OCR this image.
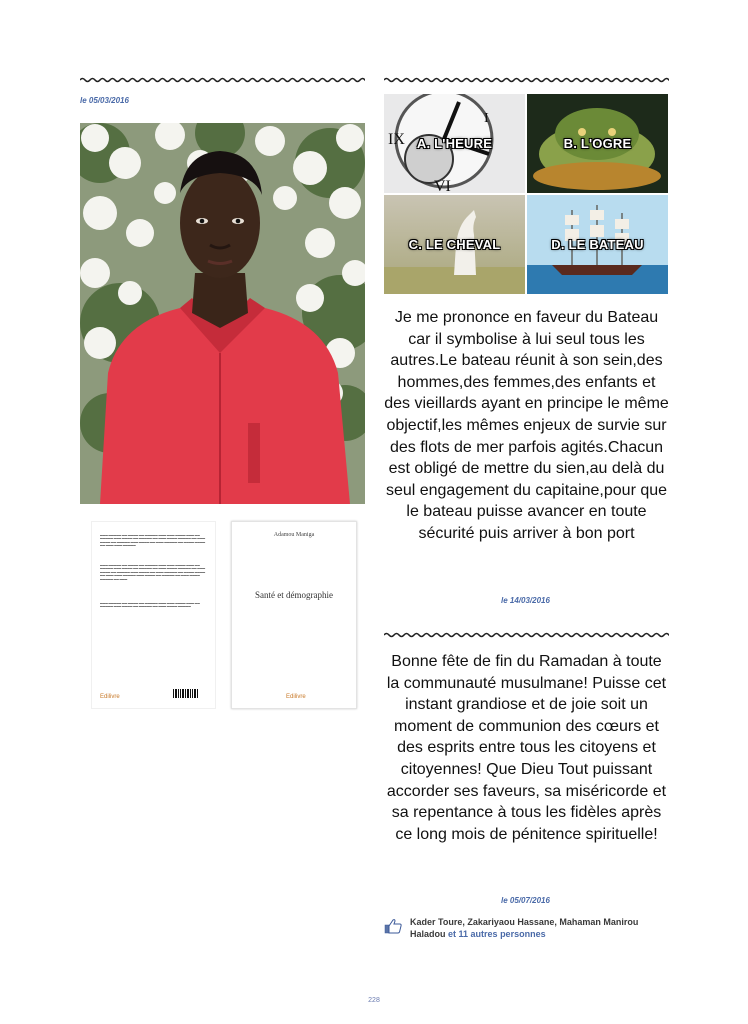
le 05/03/2016
▬▬▬ ▬▬▬▬▬ ▬▬ ▬▬▬▬ ▬▬ ▬▬▬▬▬ ▬▬▬ ▬▬▬ ▬▬▬▬ ▬▬▬ ▬▬ ▬▬▬▬▬ ▬▬▬ ▬▬▬▬ ▬▬ ▬▬▬▬▬ ▬▬ ▬▬▬ ▬▬▬▬ ▬▬▬▬▬ ▬▬ ▬▬▬ ▬▬▬▬ ▬▬ ▬▬▬▬▬ ▬▬▬ ▬▬▬▬ ▬▬ ▬▬▬ ▬▬▬▬▬ ▬▬ ▬▬▬▬ ▬▬▬▬ ▬▬ ▬▬▬ ▬▬▬ ▬▬▬▬▬
▬▬▬ ▬▬▬▬▬ ▬▬ ▬▬▬▬ ▬▬ ▬▬▬▬▬ ▬▬▬ ▬▬▬ ▬▬▬▬ ▬▬▬ ▬▬ ▬▬▬▬▬ ▬▬▬ ▬▬▬▬ ▬▬ ▬▬▬▬▬ ▬▬ ▬▬▬ ▬▬▬▬ ▬▬▬▬▬ ▬▬ ▬▬▬ ▬▬▬▬ ▬▬ ▬▬▬▬▬ ▬▬▬ ▬▬▬▬ ▬▬ ▬▬▬ ▬▬▬▬▬ ▬▬ ▬▬▬▬ ▬▬▬▬ ▬▬ ▬▬▬ ▬▬▬ ▬▬▬▬▬ ▬▬▬ ▬▬▬▬ ▬▬ ▬▬▬▬▬ ▬▬ ▬▬▬ ▬▬▬▬ ▬▬▬▬▬ ▬▬ ▬▬▬
▬▬▬ ▬▬▬▬▬ ▬▬ ▬▬▬▬ ▬▬ ▬▬▬▬▬ ▬▬▬ ▬▬▬ ▬▬▬▬ ▬▬▬ ▬▬ ▬▬▬▬▬ ▬▬▬ ▬▬▬▬ ▬▬ ▬▬▬▬▬ ▬▬ ▬▬▬ ▬▬▬▬ ▬▬▬▬▬
Edilivre
Adamou Maniga
Santé et démographie
Edilivre
IX
VI
I
A. L'HEURE	B. L'OGRE
C. LE CHEVAL	D. LE BATEAU
Je me prononce en faveur du Bateau car il symbolise à lui seul tous les autres.Le bateau réunit à son sein,des hommes,des femmes,des enfants et des vieillards ayant en principe le même objectif,les mêmes enjeux de survie sur des flots de mer parfois agités.Chacun est obligé de mettre du sien,au delà du seul engagement du capitaine,pour que le bateau puisse avancer en toute sécurité puis arriver à bon port
le 14/03/2016
Bonne fête de fin du Ramadan à toute la communauté musulmane! Puisse cet instant grandiose et de joie soit un moment de communion des cœurs et des esprits entre tous les citoyens et citoyennes! Que Dieu Tout puissant accorder ses faveurs, sa miséricorde et sa repentance à tous les fidèles après ce long mois de pénitence spirituelle!
le 05/07/2016
Kader Toure, Zakariyaou Hassane, Mahaman Manirou Haladou et 11 autres personnes
228
